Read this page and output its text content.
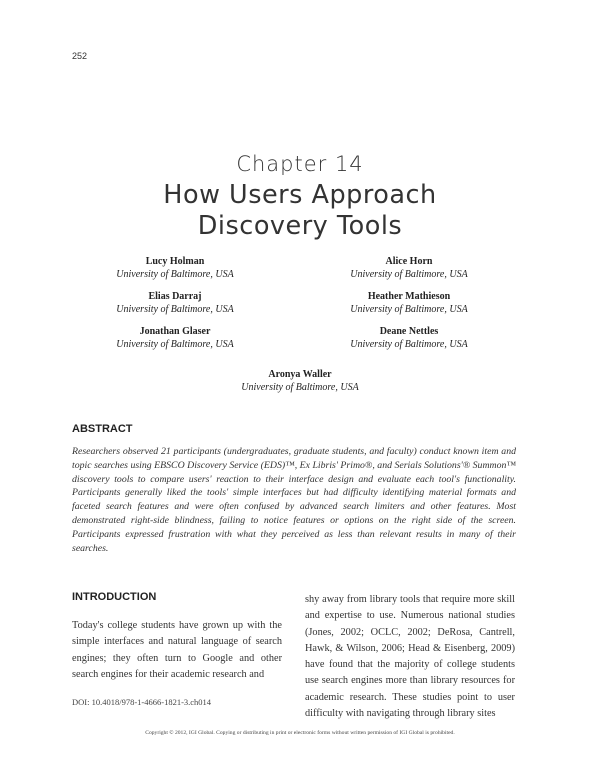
252
Chapter 14
How Users Approach
Discovery Tools
Lucy Holman
University of Baltimore, USA
Alice Horn
University of Baltimore, USA
Elias Darraj
University of Baltimore, USA
Heather Mathieson
University of Baltimore, USA
Jonathan Glaser
University of Baltimore, USA
Deane Nettles
University of Baltimore, USA
Aronya Waller
University of Baltimore, USA
ABSTRACT
Researchers observed 21 participants (undergraduates, graduate students, and faculty) conduct known item and topic searches using EBSCO Discovery Service (EDS)™, Ex Libris' Primo®, and Serials Solutions'® Summon™ discovery tools to compare users' reaction to their interface design and evaluate each tool's functionality. Participants generally liked the tools' simple interfaces but had difficulty identifying material formats and faceted search features and were often confused by advanced search limiters and other features. Most demonstrated right-side blindness, failing to notice features or options on the right side of the screen. Participants expressed frustration with what they perceived as less than relevant results in many of their searches.
INTRODUCTION
Today's college students have grown up with the simple interfaces and natural language of search engines; they often turn to Google and other search engines for their academic research and
shy away from library tools that require more skill and expertise to use. Numerous national studies (Jones, 2002; OCLC, 2002; DeRosa, Cantrell, Hawk, & Wilson, 2006; Head & Eisenberg, 2009) have found that the majority of college students use search engines more than library resources for academic research. These studies point to user difficulty with navigating through library sites
DOI: 10.4018/978-1-4666-1821-3.ch014
Copyright © 2012, IGI Global. Copying or distributing in print or electronic forms without written permission of IGI Global is prohibited.
